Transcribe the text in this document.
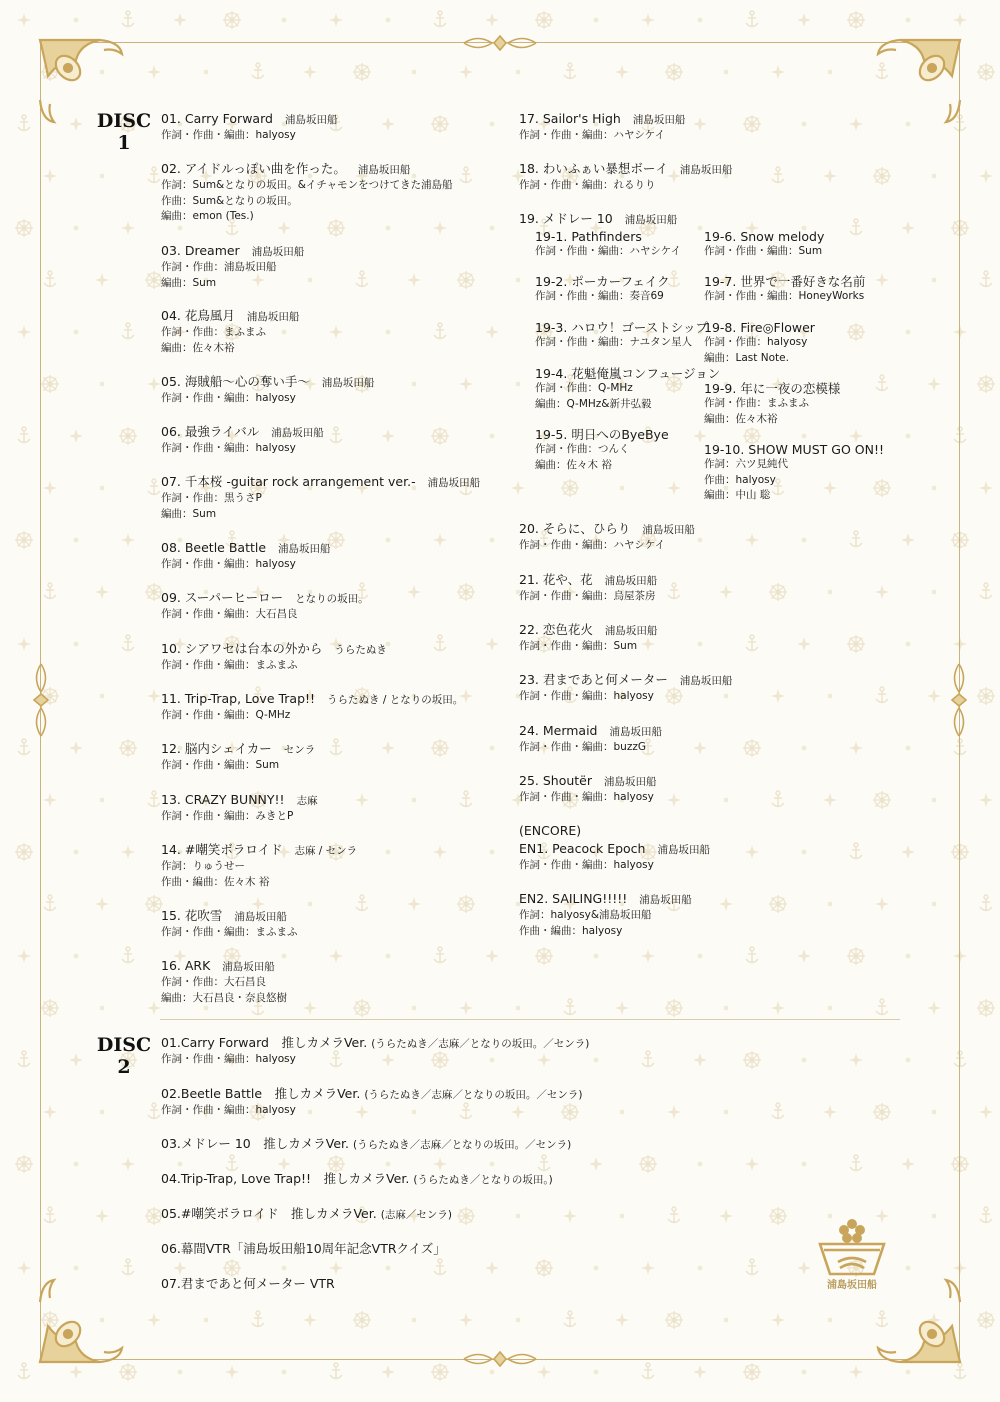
DISC
1
DISC
2
01. Carry Forward 浦島坂田船
作詞・作曲・編曲：halyosy
02. アイドルっぽい曲を作った。 浦島坂田船
作詞：Sum&となりの坂田。&イチャモンをつけてきた浦島船
作曲：Sum&となりの坂田。
編曲：emon (Tes.)
03. Dreamer 浦島坂田船
作詞・作曲：浦島坂田船
編曲：Sum
04. 花鳥風月 浦島坂田船
作詞・作曲：まふまふ
編曲：佐々木裕
05. 海賊船～心の奪い手～ 浦島坂田船
作詞・作曲・編曲：halyosy
06. 最強ライバル 浦島坂田船
作詞・作曲・編曲：halyosy
07. 千本桜 -guitar rock arrangement ver.- 浦島坂田船
作詞・作曲：黒うさP
編曲：Sum
08. Beetle Battle 浦島坂田船
作詞・作曲・編曲：halyosy
09. スーパーヒーロー となりの坂田。
作詞・作曲・編曲：大石昌良
10. シアワセは台本の外から うらたぬき
作詞・作曲・編曲：まふまふ
11. Trip-Trap, Love Trap!! うらたぬき / となりの坂田。
作詞・作曲・編曲：Q-MHz
12. 脳内シェイカー センラ
作詞・作曲・編曲：Sum
13. CRAZY BUNNY!! 志麻
作詞・作曲・編曲：みきとP
14. #嘲笑ボラロイド 志麻 / センラ
作詞：りゅうせー
作曲・編曲：佐々木 裕
15. 花吹雪 浦島坂田船
作詞・作曲・編曲：まふまふ
16. ARK 浦島坂田船
作詞・作曲：大石昌良
編曲：大石昌良・奈良悠樹
17. Sailor's High 浦島坂田船
作詞・作曲・編曲：ハヤシケイ
18. わいふぁい暴想ボーイ 浦島坂田船
作詞・作曲・編曲：れるりり
19. メドレー 10 浦島坂田船
19-1. Pathfinders
作詞・作曲・編曲：ハヤシケイ
19-2. ポーカーフェイク
作詞・作曲・編曲：奏音69
19-3. ハロウ！ゴーストシップ
作詞・作曲・編曲：ナユタン星人
19-4. 花魁俺嵐コンフュージョン
作詞・作曲：Q-MHz
編曲：Q-MHz&新井弘毅
19-5. 明日へのByeBye
作詞・作曲：つんく
編曲：佐々木 裕
19-6. Snow melody
作詞・作曲・編曲：Sum
19-7. 世界で一番好きな名前
作詞・作曲・編曲：HoneyWorks
19-8. Fire◎Flower
作詞・作曲：halyosy
編曲：Last Note.
19-9. 年に一夜の恋模様
作詞・作曲：まふまふ
編曲：佐々木裕
19-10. SHOW MUST GO ON!!
作詞：六ツ見純代
作曲：halyosy
編曲：中山 聡
20. そらに、ひらり 浦島坂田船
作詞・作曲・編曲：ハヤシケイ
21. 花や、花 浦島坂田船
作詞・作曲・編曲：烏屋茶房
22. 恋色花火 浦島坂田船
作詞・作曲・編曲：Sum
23. 君まであと何メーター 浦島坂田船
作詞・作曲・編曲：halyosy
24. Mermaid 浦島坂田船
作詞・作曲・編曲：buzzG
25. Shoutër 浦島坂田船
作詞・作曲・編曲：halyosy
(ENCORE)
EN1. Peacock Epoch 浦島坂田船
作詞・作曲・編曲：halyosy
EN2. SAILING!!!!! 浦島坂田船
作詞：halyosy&浦島坂田船
作曲・編曲：halyosy
01.Carry Forward　推しカメラVer. (うらたぬき／志麻／となりの坂田。／センラ)
作詞・作曲・編曲：halyosy
02.Beetle Battle　推しカメラVer. (うらたぬき／志麻／となりの坂田。／センラ)
作詞・作曲・編曲：halyosy
03.メドレー 10　推しカメラVer. (うらたぬき／志麻／となりの坂田。／センラ)
04.Trip-Trap, Love Trap!!　推しカメラVer. (うらたぬき／となりの坂田。)
05.#嘲笑ボラロイド　推しカメラVer. (志麻／センラ)
06.幕間VTR「浦島坂田船10周年記念VTRクイズ」
07.君まであと何メーター VTR	浦島坂田船
